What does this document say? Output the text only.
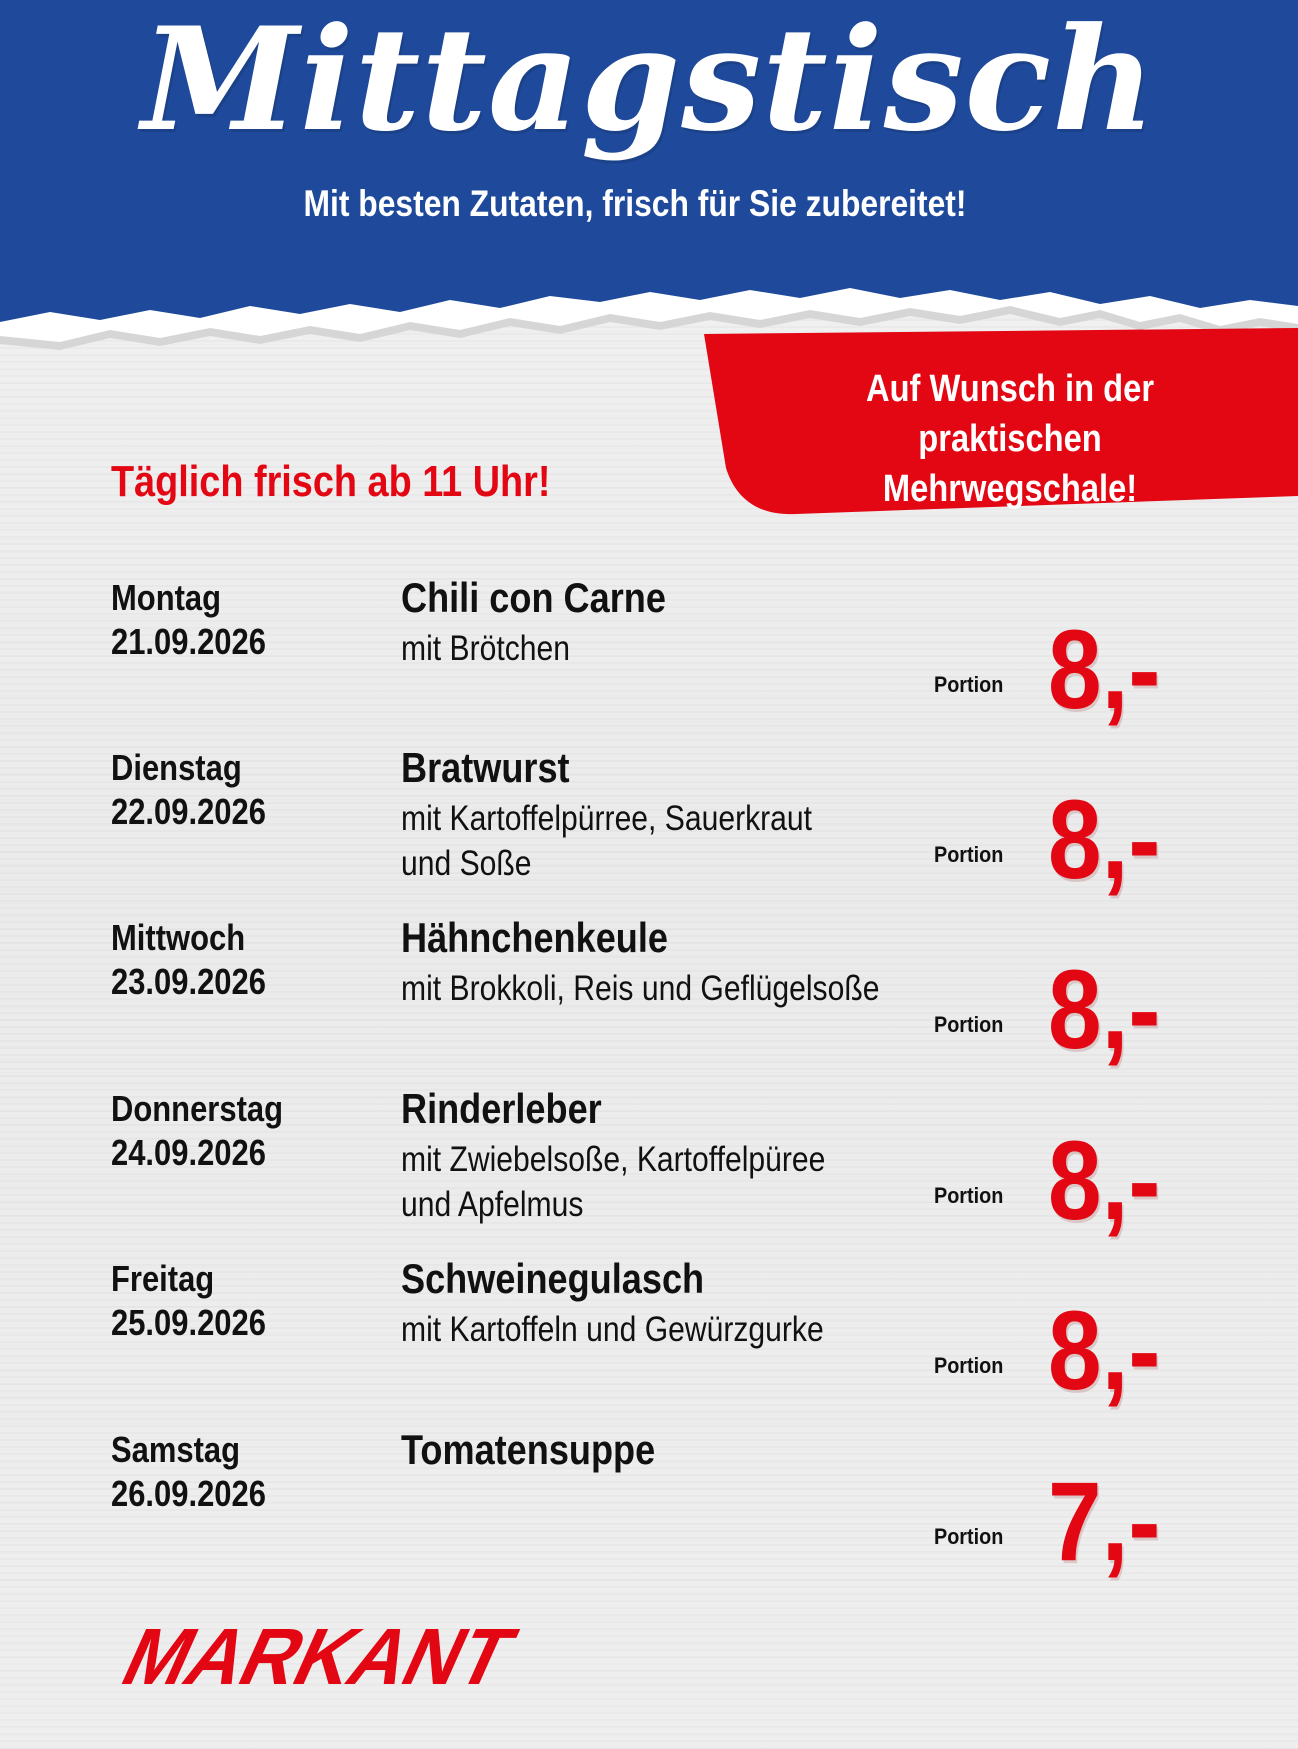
Mittagstisch
Mit besten Zutaten, frisch für Sie zubereitet!
Auf Wunsch in der praktischen
Mehrwegschale!
Täglich frisch ab 11 Uhr!
Montag
21.09.2026
Chili con Carne
mit Brötchen
Portion 8,-
Dienstag
22.09.2026
Bratwurst
mit Kartoffelpürree, Sauerkraut
und Soße	Portion 8,-
Mittwoch
23.09.2026
Hähnchenkeule
mit Brokkoli, Reis und Geflügelsoße
Portion 8,-
Donnerstag
24.09.2026
Rinderleber
mit Zwiebelsoße, Kartoffelpüree
und Apfelmus	Portion 8,-
Freitag
25.09.2026
Schweinegulasch
mit Kartoffeln und Gewürzgurke
Portion 8,-
Samstag
26.09.2026
Tomatensuppe
Portion 7,-
MARKANT
